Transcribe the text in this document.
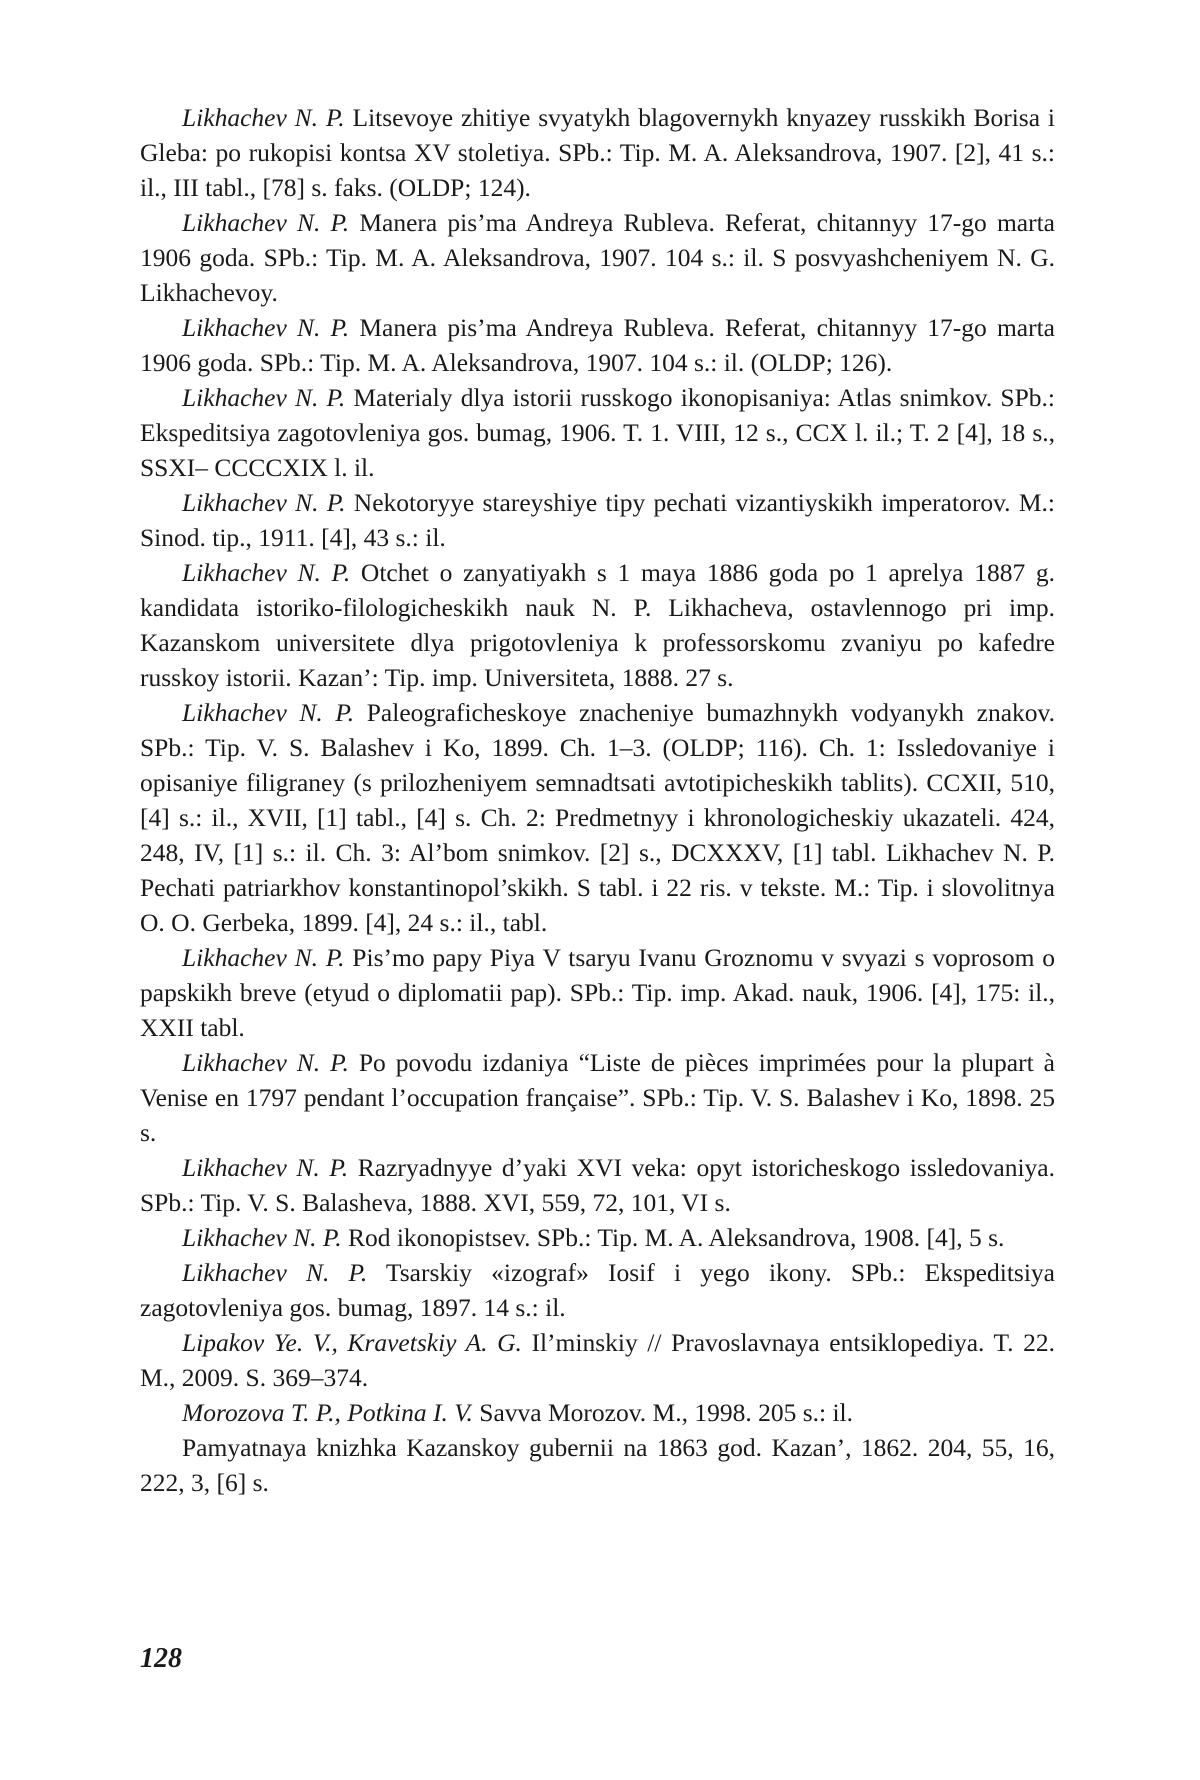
Likhachev N. P. Litsevoye zhitiye svyatykh blagovernykh knyazey russkikh Borisa i Gleba: po rukopisi kontsa XV stoletiya. SPb.: Tip. M. A. Aleksandrova, 1907. [2], 41 s.: il., III tabl., [78] s. faks. (OLDP; 124).

Likhachev N. P. Manera pis’ma Andreya Rubleva. Referat, chitannyy 17-go marta 1906 goda. SPb.: Tip. M. A. Aleksandrova, 1907. 104 s.: il. S posvyashcheniyem N. G. Likhachevoy.

Likhachev N. P. Manera pis’ma Andreya Rubleva. Referat, chitannyy 17-go marta 1906 goda. SPb.: Tip. M. A. Aleksandrova, 1907. 104 s.: il. (OLDP; 126).

Likhachev N. P. Materialy dlya istorii russkogo ikonopisaniya: Atlas snimkov. SPb.: Ekspeditsiya zagotovleniya gos. bumag, 1906. T. 1. VIII, 12 s., CCX l. il.; T. 2 [4], 18 s., SSXI– CCCCXIX l. il.

Likhachev N. P. Nekotoryye stareyshiye tipy pechati vizantiyskikh imperatorov. M.: Sinod. tip., 1911. [4], 43 s.: il.

Likhachev N. P. Otchet o zanyatiyakh s 1 maya 1886 goda po 1 aprelya 1887 g. kandidata istoriko-filologicheskikh nauk N. P. Likhacheva, ostavlennogo pri imp. Kazanskom universitete dlya prigotovleniya k professorskomu zvaniyu po kafedre russkoy istorii. Kazan’: Tip. imp. Universiteta, 1888. 27 s.

Likhachev N. P. Paleograficheskoye znacheniye bumazhnykh vodyanykh znakov. SPb.: Tip. V. S. Balashev i Ko, 1899. Ch. 1–3. (OLDP; 116). Ch. 1: Issledovaniye i opisaniye filigraney (s prilozheniyem semnadtsati avtotipicheskikh tablits). CCXII, 510, [4] s.: il., XVII, [1] tabl., [4] s. Ch. 2: Predmetnyy i khronologicheskiy ukazateli. 424, 248, IV, [1] s.: il. Ch. 3: Al’bom snimkov. [2] s., DCXXXV, [1] tabl. Likhachev N. P. Pechati patriarkhov konstantinopol’skikh. S tabl. i 22 ris. v tekste. M.: Tip. i slovolitnya O. O. Gerbeka, 1899. [4], 24 s.: il., tabl.

Likhachev N. P. Pis’mo papy Piya V tsaryu Ivanu Groznomu v svyazi s voprosom o papskikh breve (etyud o diplomatii pap). SPb.: Tip. imp. Akad. nauk, 1906. [4], 175: il., XXII tabl.

Likhachev N. P. Po povodu izdaniya “Liste de pièces imprimées pour la plupart à Venise en 1797 pendant l’occupation française”. SPb.: Tip. V. S. Balashev i Ko, 1898. 25 s.

Likhachev N. P. Razryadnyye d’yaki XVI veka: opyt istoricheskogo issledovaniya. SPb.: Tip. V. S. Balasheva, 1888. XVI, 559, 72, 101, VI s.

Likhachev N. P. Rod ikonopistsev. SPb.: Tip. M. A. Aleksandrova, 1908. [4], 5 s.

Likhachev N. P. Tsarskiy «izograf» Iosif i yego ikony. SPb.: Ekspeditsiya zagotovleniya gos. bumag, 1897. 14 s.: il.

Lipakov Ye. V., Kravetskiy A. G. Il’minskiy // Pravoslavnaya entsiklopediya. T. 22. M., 2009. S. 369–374.

Morozova T. P., Potkina I. V. Savva Morozov. M., 1998. 205 s.: il.

Pamyatnaya knizhka Kazanskoy gubernii na 1863 god. Kazan’, 1862. 204, 55, 16, 222, 3, [6] s.

128
